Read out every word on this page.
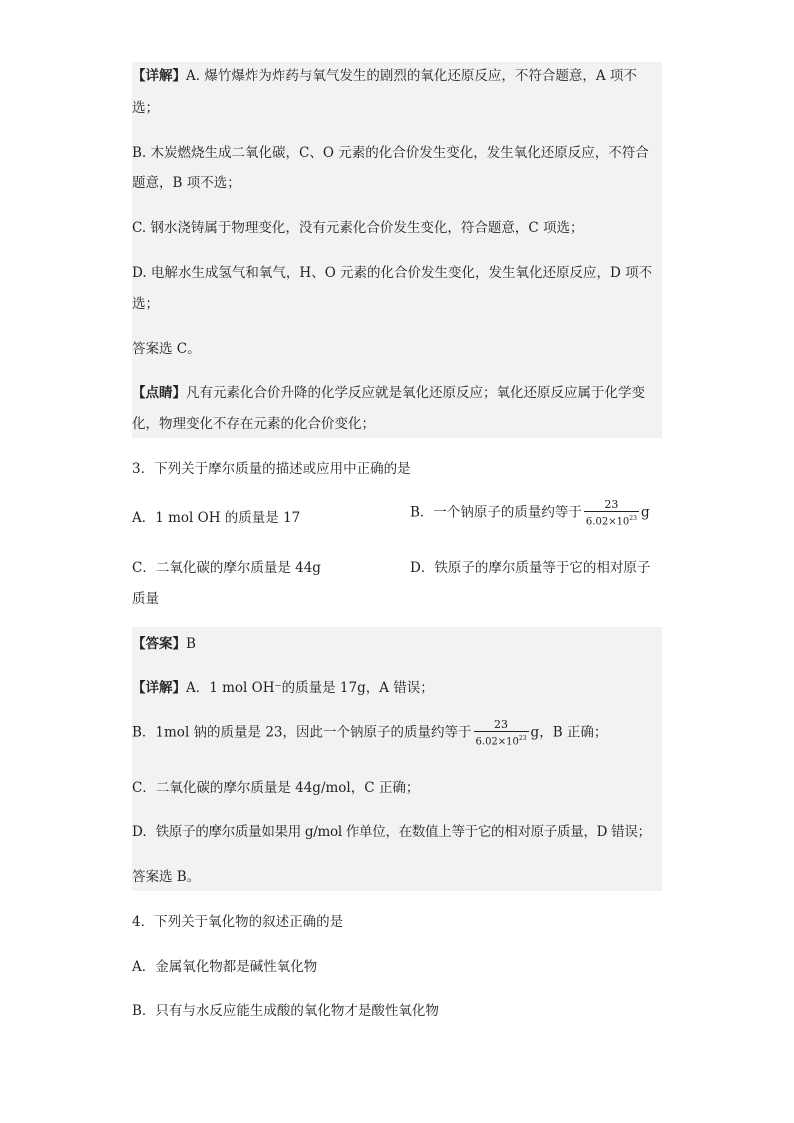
【详解】A. 爆竹爆炸为炸药与氧气发生的剧烈的氧化还原反应，不符合题意，A 项不
选；
B. 木炭燃烧生成二氧化碳，C、O 元素的化合价发生变化，发生氧化还原反应，不符合
题意，B 项不选；
C. 钢水浇铸属于物理变化，没有元素化合价发生变化，符合题意，C 项选；
D. 电解水生成氢气和氧气，H、O 元素的化合价发生变化，发生氧化还原反应，D 项不
选；
答案选 C。
【点睛】凡有元素化合价升降的化学反应就是氧化还原反应；氧化还原反应属于化学变
化，物理变化不存在元素的化合价变化；
3．下列关于摩尔质量的描述或应用中正确的是
A．1 mol OH 的质量是 17	B．一个钠原子的质量约等于 $\frac{23}{6.02\times 10^{23}}$ g
C．二氧化碳的摩尔质量是 44g	D．铁原子的摩尔质量等于它的相对原子
质量
【答案】B
【详解】A．1 mol OH⁻的质量是 17g，A 错误；
B．1mol 钠的质量是 23，因此一个钠原子的质量约等于 $\frac{23}{6.02\times 10^{23}}$ g，B 正确；
C．二氧化碳的摩尔质量是 44g/mol，C 正确；
D．铁原子的摩尔质量如果用 g/mol 作单位，在数值上等于它的相对原子质量，D 错误；
答案选 B。
4．下列关于氧化物的叙述正确的是
A．金属氧化物都是碱性氧化物
B．只有与水反应能生成酸的氧化物才是酸性氧化物
